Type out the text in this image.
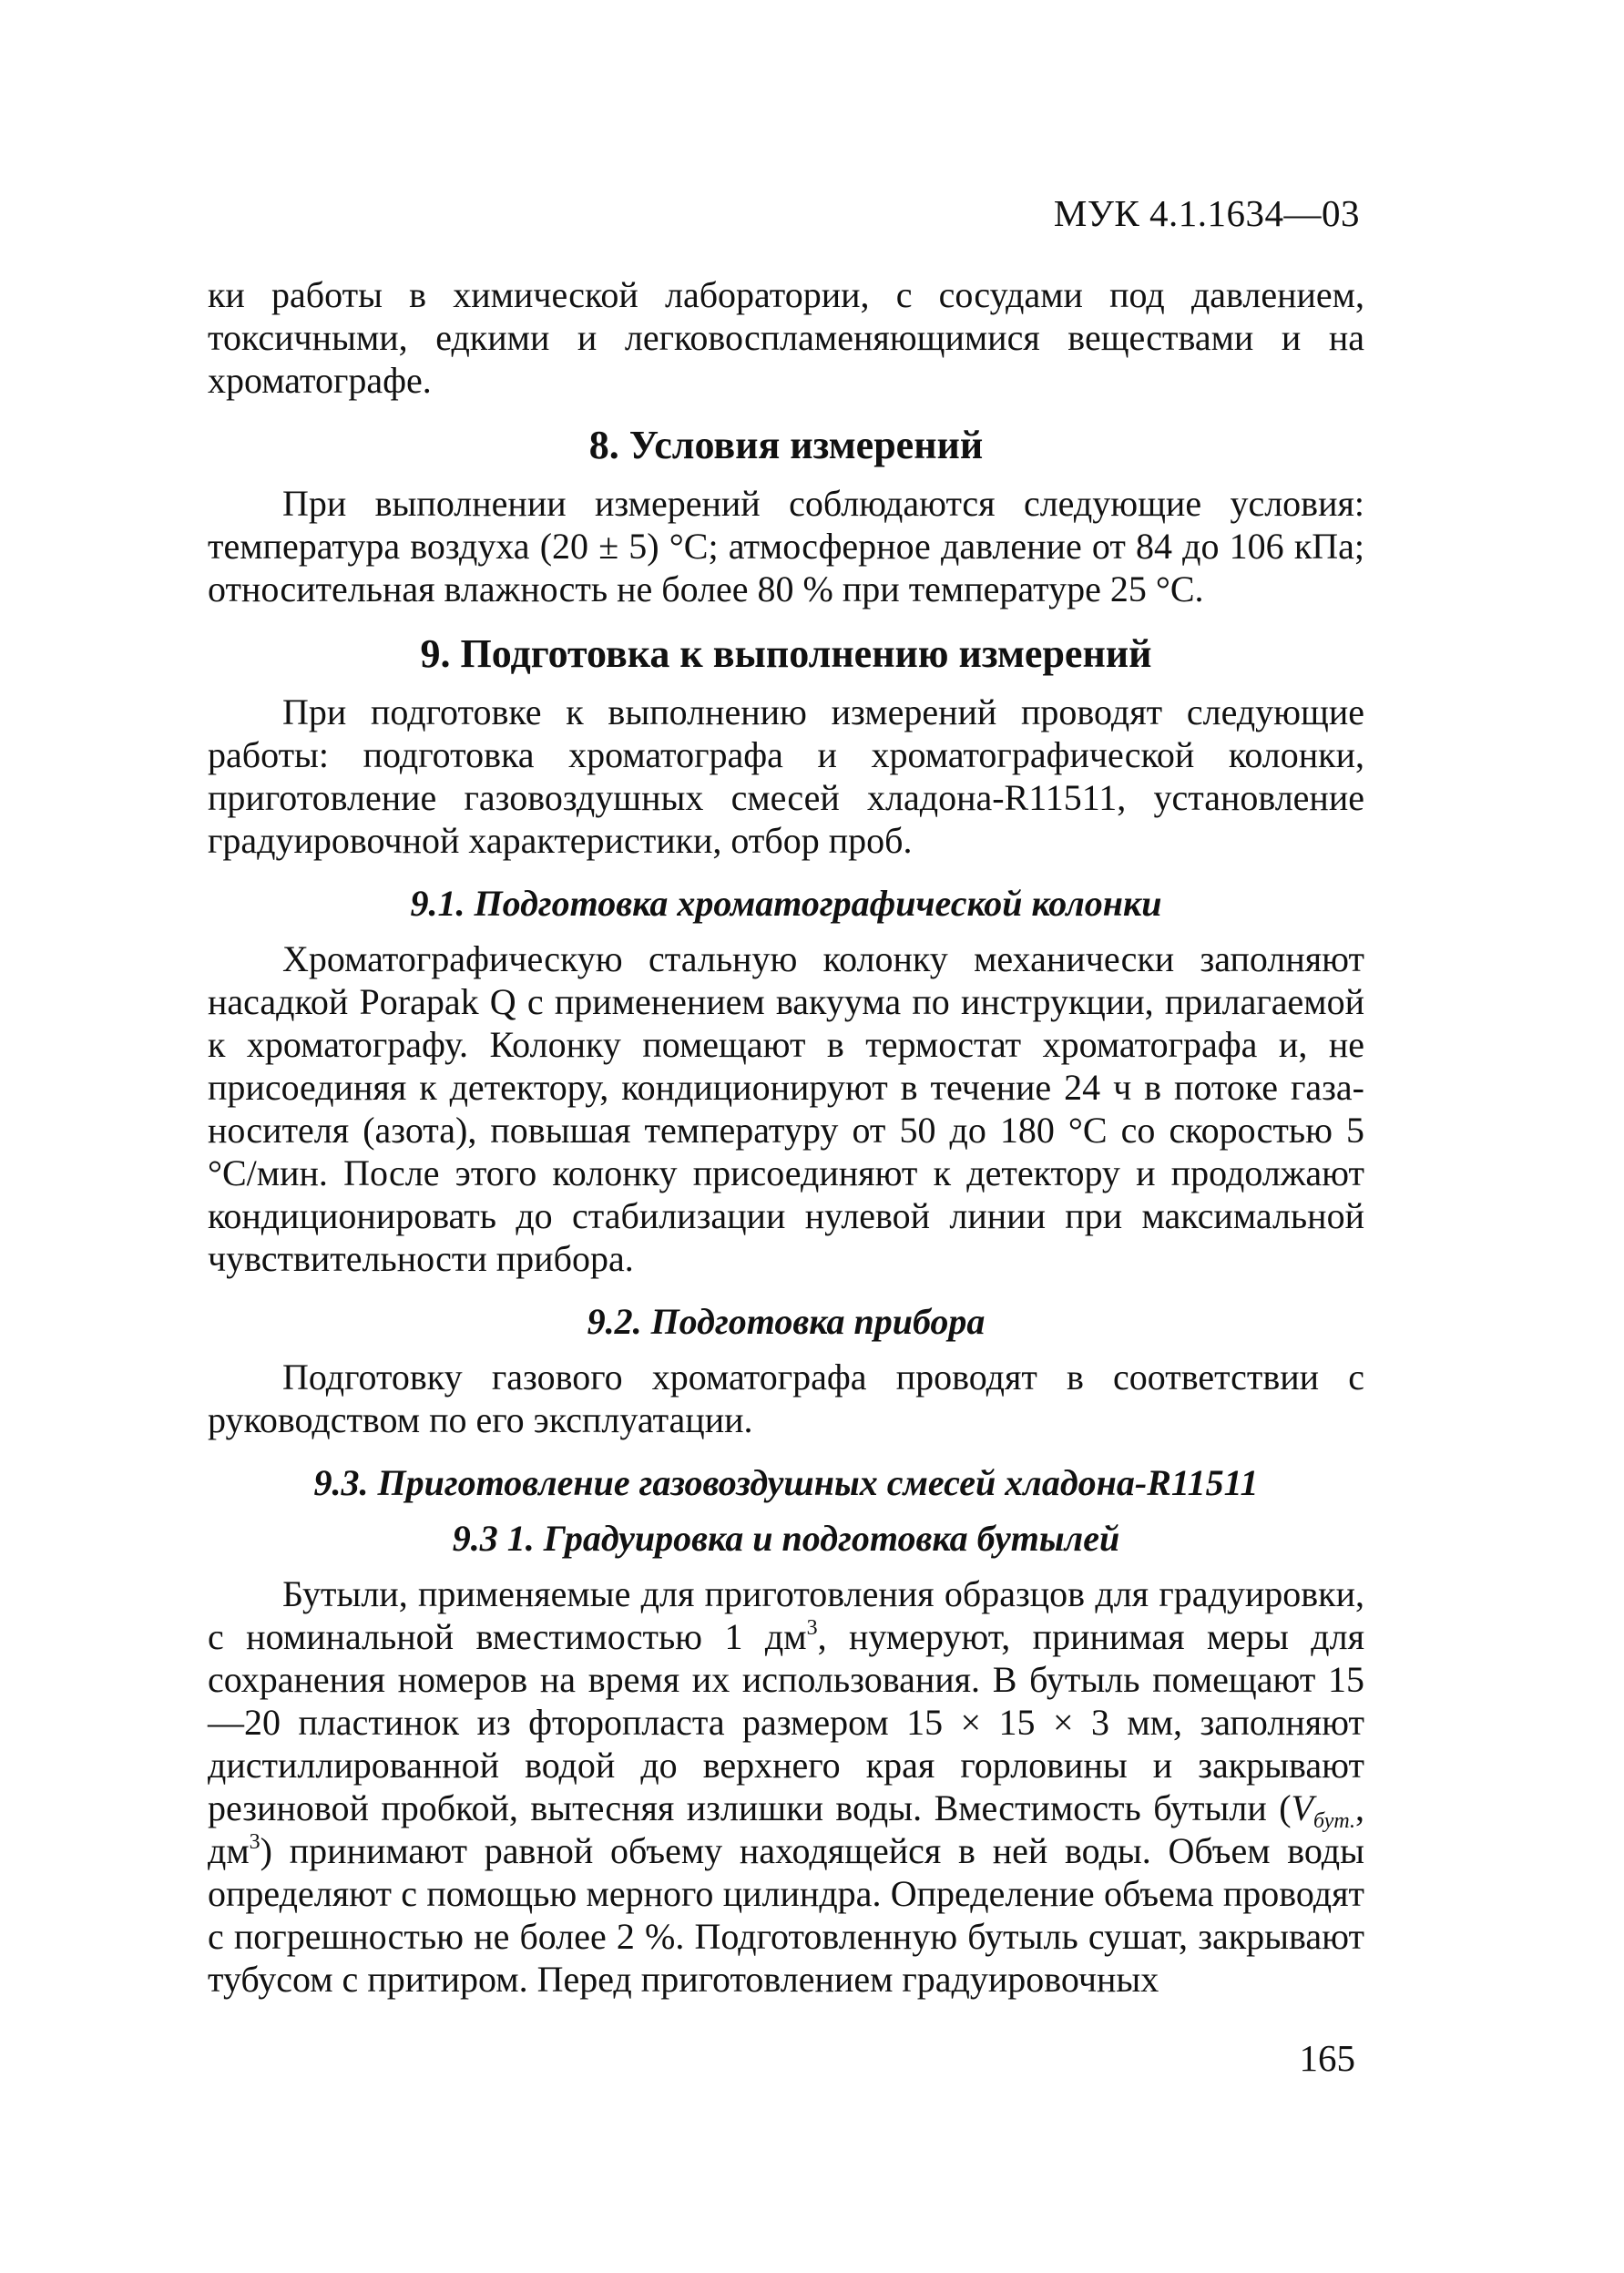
МУК 4.1.1634—03

ки работы в химической лаборатории, с сосудами под давлением, токсичными, едкими и легковоспламеняющимися веществами и на хроматографе.

8. Условия измерений

При выполнении измерений соблюдаются следующие условия: температура воздуха (20 ± 5) °С; атмосферное давление от 84 до 106 кПа; относительная влажность не более 80 % при температуре 25 °С.

9. Подготовка к выполнению измерений

При подготовке к выполнению измерений проводят следующие работы: подготовка хроматографа и хроматографической колонки, приготовление газовоздушных смесей хладона-R11511, установление градуировочной характеристики, отбор проб.

9.1. Подготовка хроматографической колонки

Хроматографическую стальную колонку механически заполняют насадкой Porapak Q с применением вакуума по инструкции, прилагаемой к хроматографу. Колонку помещают в термостат хроматографа и, не присоединяя к детектору, кондиционируют в течение 24 ч в потоке газа-носителя (азота), повышая температуру от 50 до 180 °С со скоростью 5 °С/мин. После этого колонку присоединяют к детектору и продолжают кондиционировать до стабилизации нулевой линии при максимальной чувствительности прибора.

9.2. Подготовка прибора

Подготовку газового хроматографа проводят в соответствии с руководством по его эксплуатации.

9.3. Приготовление газовоздушных смесей хладона-R11511
9.3 1. Градуировка и подготовка бутылей

Бутыли, применяемые для приготовления образцов для градуировки, с номинальной вместимостью 1 $дм^3$, нумеруют, принимая меры для сохранения номеров на время их использования. В бутыль помещают 15—20 пластинок из фторопласта размером 15 × 15 × 3 мм, заполняют дистиллированной водой до верхнего края горловины и закрывают резиновой пробкой, вытесняя излишки воды. Вместимость бутыли ($V_{бут.}$, $дм^3$) принимают равной объему находящейся в ней воды. Объем воды определяют с помощью мерного цилиндра. Определение объема проводят с погрешностью не более 2 %. Подготовленную бутыль сушат, закрывают тубусом с притиром. Перед приготовлением градуировочных

165
